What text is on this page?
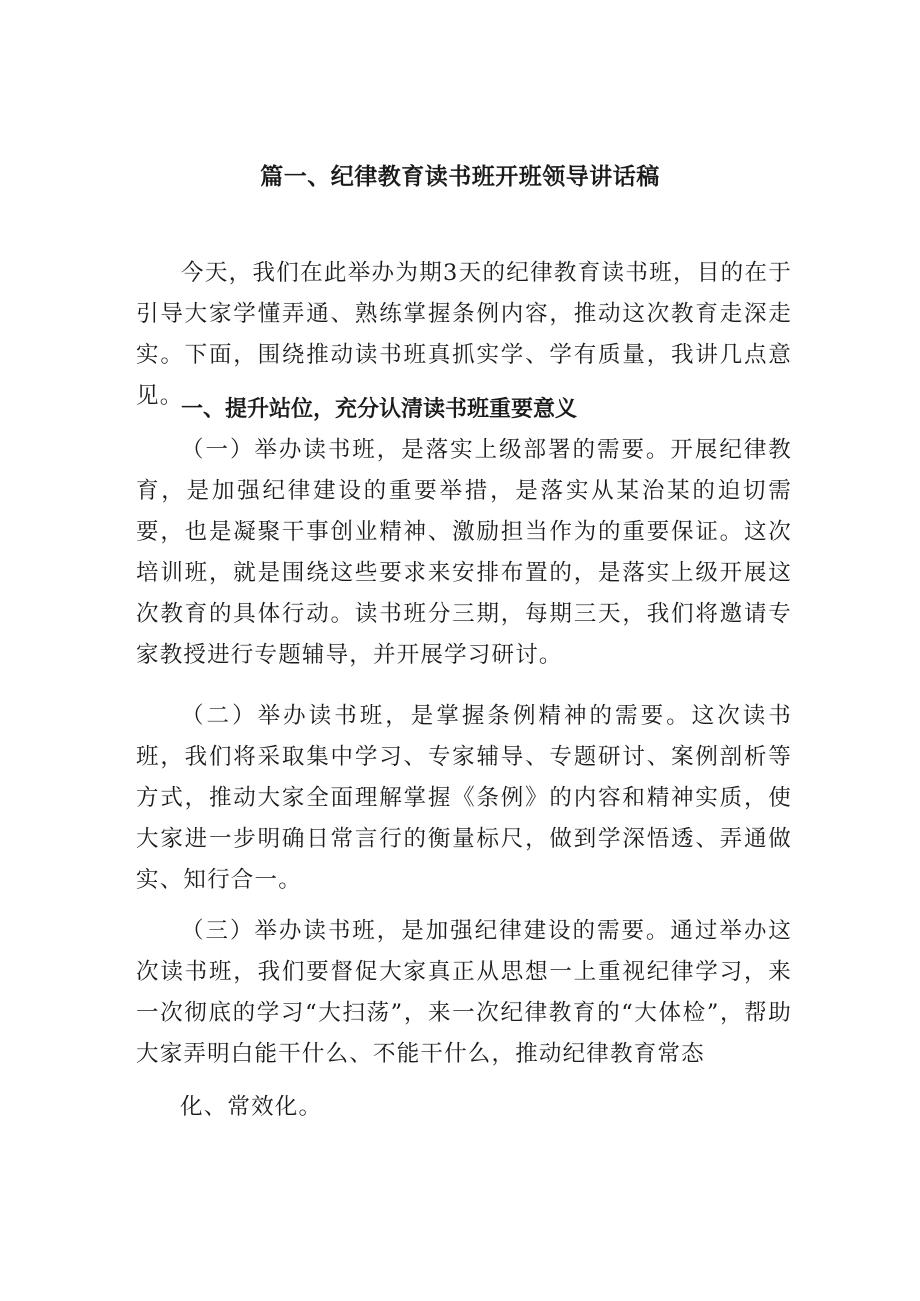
篇一、纪律教育读书班开班领导讲话稿

今天，我们在此举办为期3天的纪律教育读书班，目的在于引导大家学懂弄通、熟练掌握条例内容，推动这次教育走深走实。下面，围绕推动读书班真抓实学、学有质量，我讲几点意见。

一、提升站位，充分认清读书班重要意义

（一）举办读书班，是落实上级部署的需要。开展纪律教育，是加强纪律建设的重要举措，是落实从某治某的迫切需要，也是凝聚干事创业精神、激励担当作为的重要保证。这次培训班，就是围绕这些要求来安排布置的，是落实上级开展这次教育的具体行动。读书班分三期，每期三天，我们将邀请专家教授进行专题辅导，并开展学习研讨。

（二）举办读书班，是掌握条例精神的需要。这次读书班，我们将采取集中学习、专家辅导、专题研讨、案例剖析等方式，推动大家全面理解掌握《条例》的内容和精神实质，使大家进一步明确日常言行的衡量标尺，做到学深悟透、弄通做实、知行合一。

（三）举办读书班，是加强纪律建设的需要。通过举办这次读书班，我们要督促大家真正从思想一上重视纪律学习，来一次彻底的学习“大扫荡”，来一次纪律教育的“大体检”，帮助大家弄明白能干什么、不能干什么，推动纪律教育常态

化、常效化。
